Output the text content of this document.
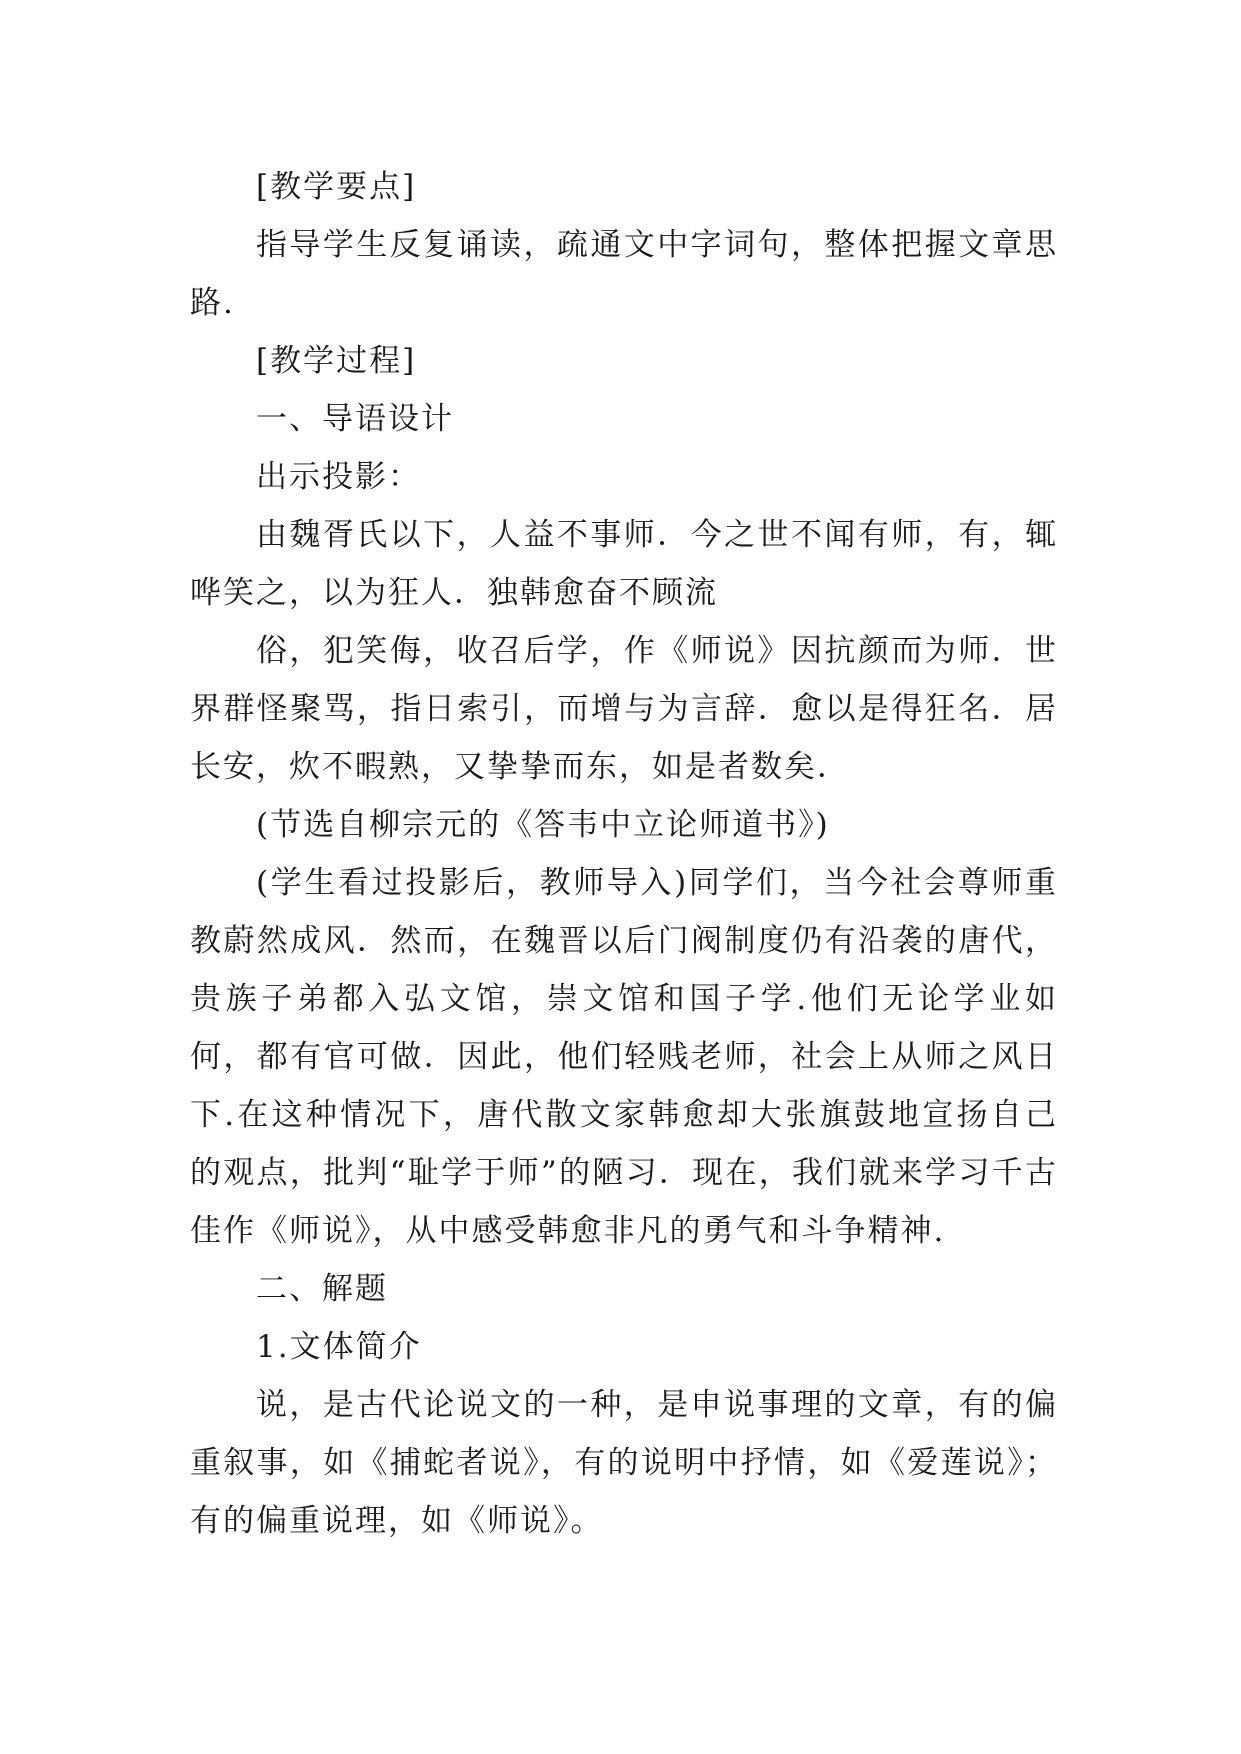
[教学要点]

指导学生反复诵读，疏通文中字词句，整体把握文章思路.

[教学过程]

一、导语设计

出示投影：

由魏胥氏以下，人益不事师．今之世不闻有师，有，辄哗笑之，以为狂人．独韩愈奋不顾流

俗，犯笑侮，收召后学，作《师说》因抗颜而为师．世界群怪聚骂，指日索引，而增与为言辞．愈以是得狂名．居长安，炊不暇熟，又挚挚而东，如是者数矣．

(节选自柳宗元的《答韦中立论师道书》)

(学生看过投影后，教师导入)同学们，当今社会尊师重教蔚然成风．然而，在魏晋以后门阀制度仍有沿袭的唐代，贵族子弟都入弘文馆，崇文馆和国子学.他们无论学业如何，都有官可做．因此，他们轻贱老师，社会上从师之风日下.在这种情况下，唐代散文家韩愈却大张旗鼓地宣扬自己的观点，批判“耻学于师”的陋习．现在，我们就来学习千古佳作《师说》，从中感受韩愈非凡的勇气和斗争精神.

二、解题

1.文体简介

说，是古代论说文的一种，是申说事理的文章，有的偏重叙事，如《捕蛇者说》，有的说明中抒情，如《爱莲说》；有的偏重说理，如《师说》。
